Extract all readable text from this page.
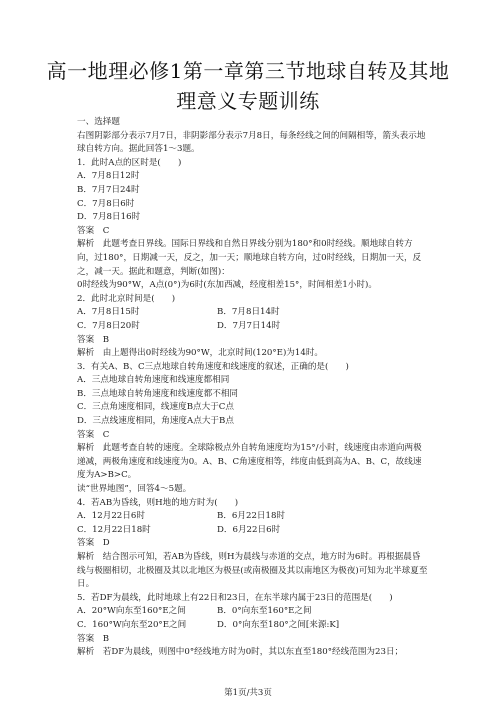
高一地理必修1第一章第三节地球自转及其地理意义专题训练
一、选择题
右图阴影部分表示7月7日，非阴影部分表示7月8日，每条经线之间的间隔相等，箭头表示地球自转方向。据此回答1～3题。
1．此时A点的区时是(　　)
A．7月8日12时
B．7月7日24时
C．7月8日6时
D．7月8日16时
答案　C
解析　此题考查日界线。国际日界线和自然日界线分别为180°和0时经线。顺地球自转方向，过180°，日期减一天，反之，加一天；顺地球自转方向，过0时经线，日期加一天，反之，减一天。据此和题意，判断(如图)：
0时经线为90°W，A点(0°)为6时(东加西减，经度相差15°，时间相差1小时)。
2．此时北京时间是(　　)
A．7月8日15时	B．7月8日14时
C．7月8日20时	D．7月7日14时
答案　B
解析　由上题得出0时经线为90°W，北京时间(120°E)为14时。
3．有关A、B、C三点地球自转角速度和线速度的叙述，正确的是(　　)
A．三点地球自转角速度和线速度都相同
B．三点地球自转角速度和线速度都不相同
C．三点角速度相同，线速度B点大于C点
D．三点线速度相同，角速度A点大于B点
答案　C
解析　此题考查自转的速度。全球除极点外自转角速度均为15°/小时，线速度由赤道向两极递减，两极角速度和线速度为0。A、B、C角速度相等，纬度由低到高为A、B、C，故线速度为A>B>C。
读“世界地图”，回答4～5题。
4．若AB为昏线，则H地的地方时为(　　)
A．12月22日6时	B．6月22日18时
C．12月22日18时	D．6月22日6时
答案　D
解析　结合图示可知，若AB为昏线，则H为晨线与赤道的交点，地方时为6时。再根据晨昏线与极圈相切，北极圈及其以北地区为极昼(或南极圈及其以南地区为极夜)可知为北半球夏至日。
5．若DF为晨线，此时地球上有22日和23日，在东半球内属于23日的范围是(　　)
A．20°W向东至160°E之间	B．0°向东至160°E之间
C．160°W向东至20°E之间	D．0°向东至180°之间[来源:K]
答案　B
解析　若DF为晨线，则图中0°经线地方时为0时，其以东直至180°经线范围为23日；
第1页/共3页
